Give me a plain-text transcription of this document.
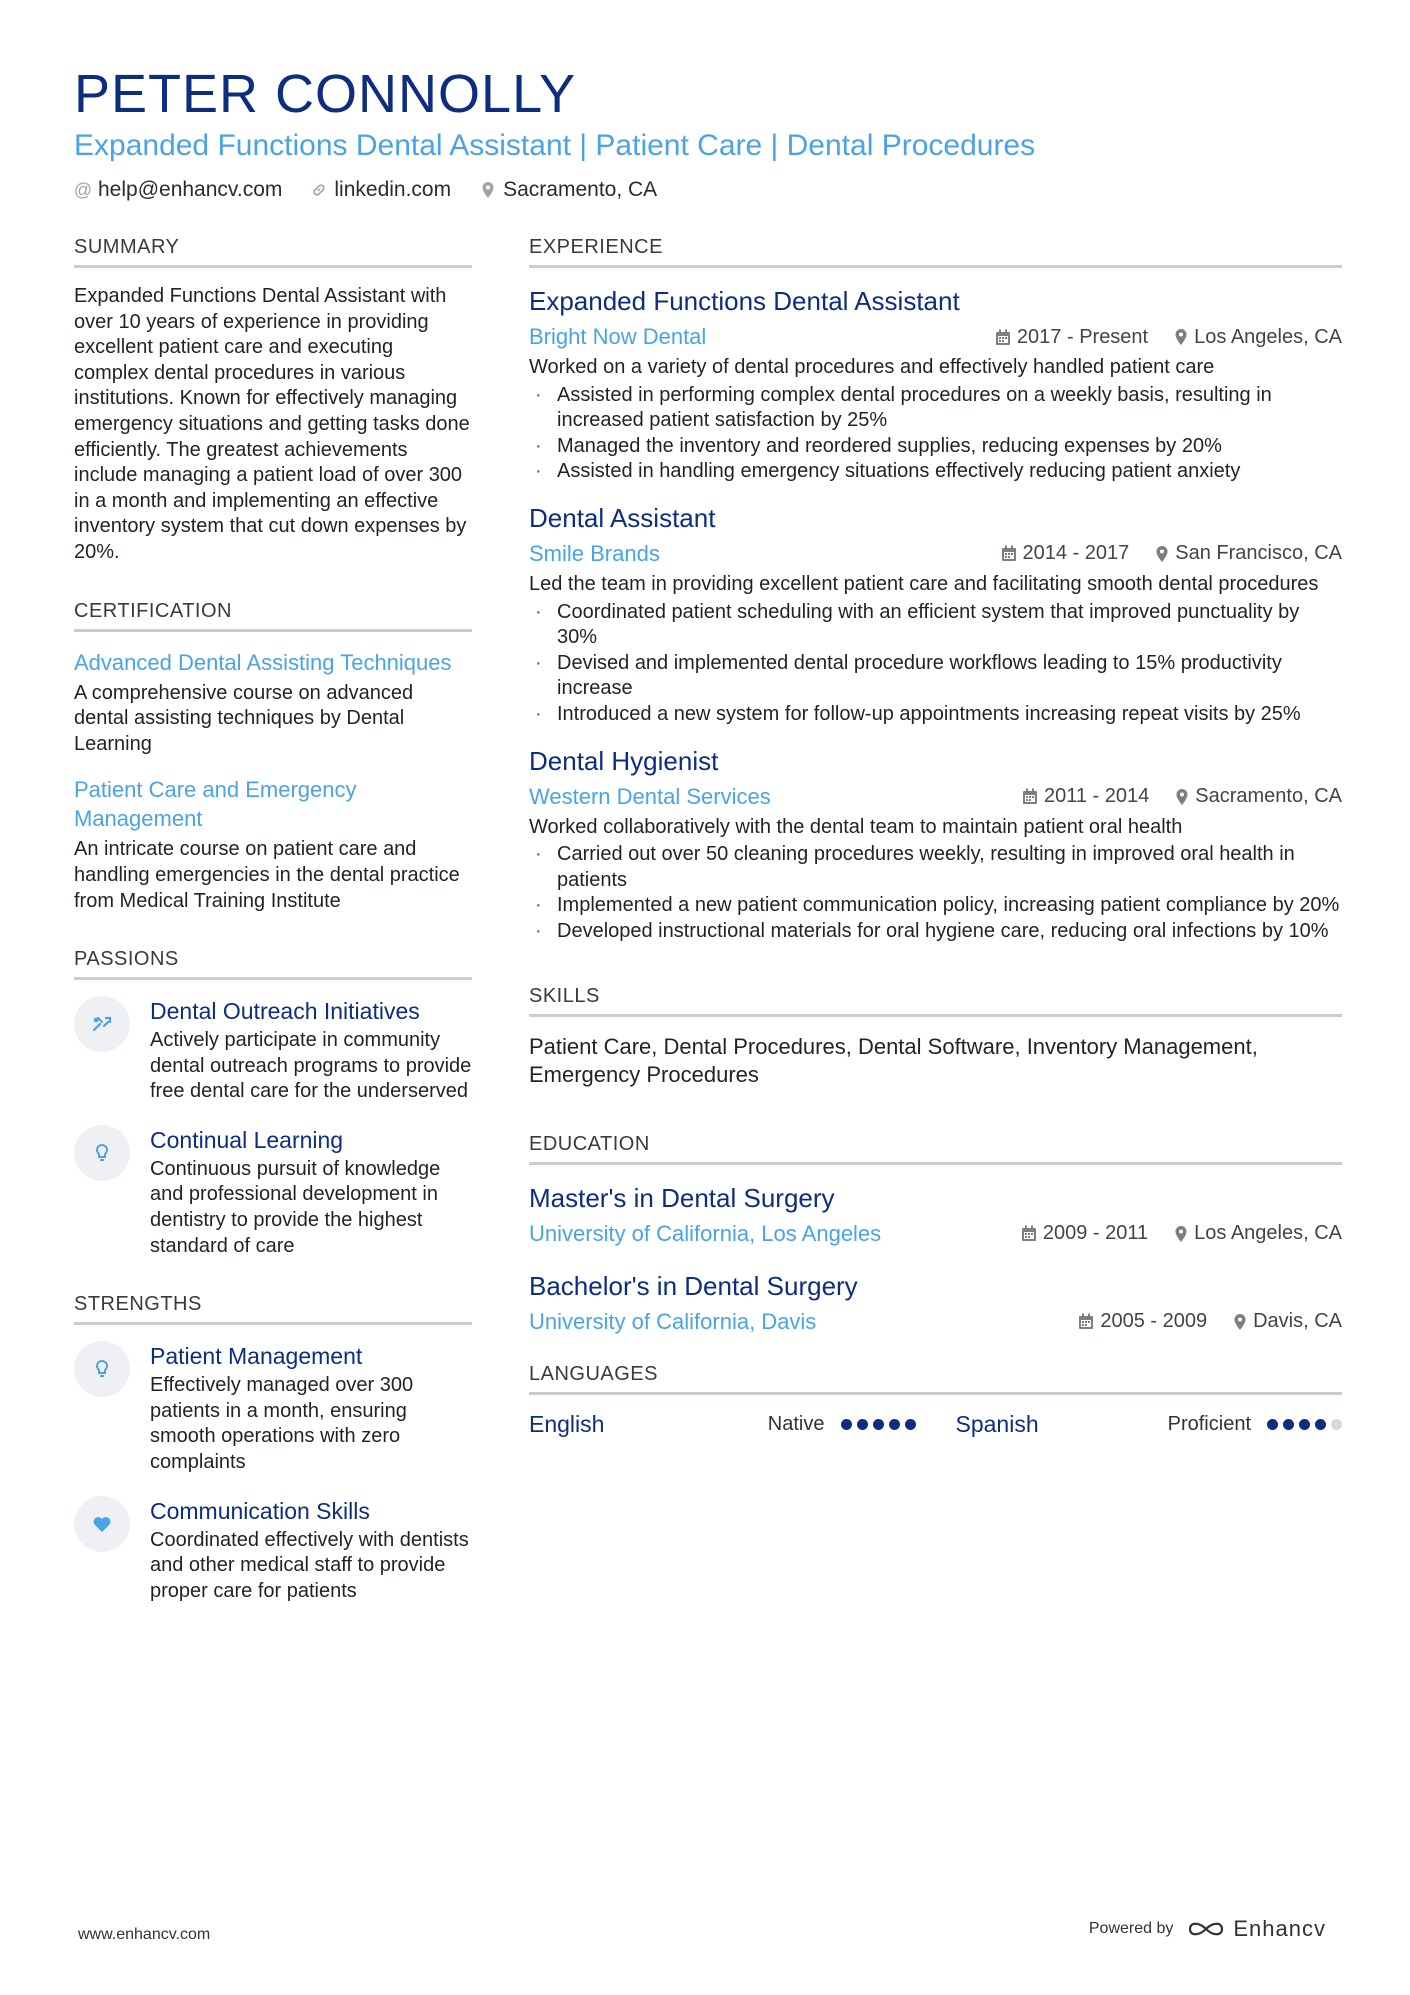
PETER CONNOLLY
Expanded Functions Dental Assistant | Patient Care | Dental Procedures
@ help@enhancv.com linkedin.com Sacramento, CA
SUMMARY

Expanded Functions Dental Assistant with over 10 years of experience in providing excellent patient care and executing complex dental procedures in various institutions. Known for effectively managing emergency situations and getting tasks done efficiently. The greatest achievements include managing a patient load of over 300 in a month and implementing an effective inventory system that cut down expenses by 20%.

CERTIFICATION
Advanced Dental Assisting Techniques

A comprehensive course on advanced dental assisting techniques by Dental Learning

Patient Care and Emergency Management

An intricate course on patient care and handling emergencies in the dental practice from Medical Training Institute

PASSIONS
Dental Outreach Initiatives

Actively participate in community dental outreach programs to provide free dental care for the underserved

Continual Learning

Continuous pursuit of knowledge and professional development in dentistry to provide the highest standard of care

STRENGTHS
Patient Management

Effectively managed over 300 patients in a month, ensuring smooth operations with zero complaints

Communication Skills

Coordinated effectively with dentists and other medical staff to provide proper care for patients

EXPERIENCE
Expanded Functions Dental Assistant
Bright Now Dental	2017 - Present Los Angeles, CA

Worked on a variety of dental procedures and effectively handled patient care

· Assisted in performing complex dental procedures on a weekly basis, resulting in increased patient satisfaction by 25%
· Managed the inventory and reordered supplies, reducing expenses by 20%
· Assisted in handling emergency situations effectively reducing patient anxiety
Dental Assistant
Smile Brands	2014 - 2017 San Francisco, CA

Led the team in providing excellent patient care and facilitating smooth dental procedures

· Coordinated patient scheduling with an efficient system that improved punctuality by 30%
· Devised and implemented dental procedure workflows leading to 15% productivity increase
· Introduced a new system for follow-up appointments increasing repeat visits by 25%
Dental Hygienist
Western Dental Services	2011 - 2014 Sacramento, CA

Worked collaboratively with the dental team to maintain patient oral health

· Carried out over 50 cleaning procedures weekly, resulting in improved oral health in patients
· Implemented a new patient communication policy, increasing patient compliance by 20%
· Developed instructional materials for oral hygiene care, reducing oral infections by 10%
SKILLS

Patient Care, Dental Procedures, Dental Software, Inventory Management, Emergency Procedures

EDUCATION
Master's in Dental Surgery
University of California, Los Angeles	2009 - 2011 Los Angeles, CA
Bachelor's in Dental Surgery
University of California, Davis	2005 - 2009 Davis, CA
LANGUAGES
English	Native	Spanish	Proficient
www.enhancv.com	Powered by	Enhancv
